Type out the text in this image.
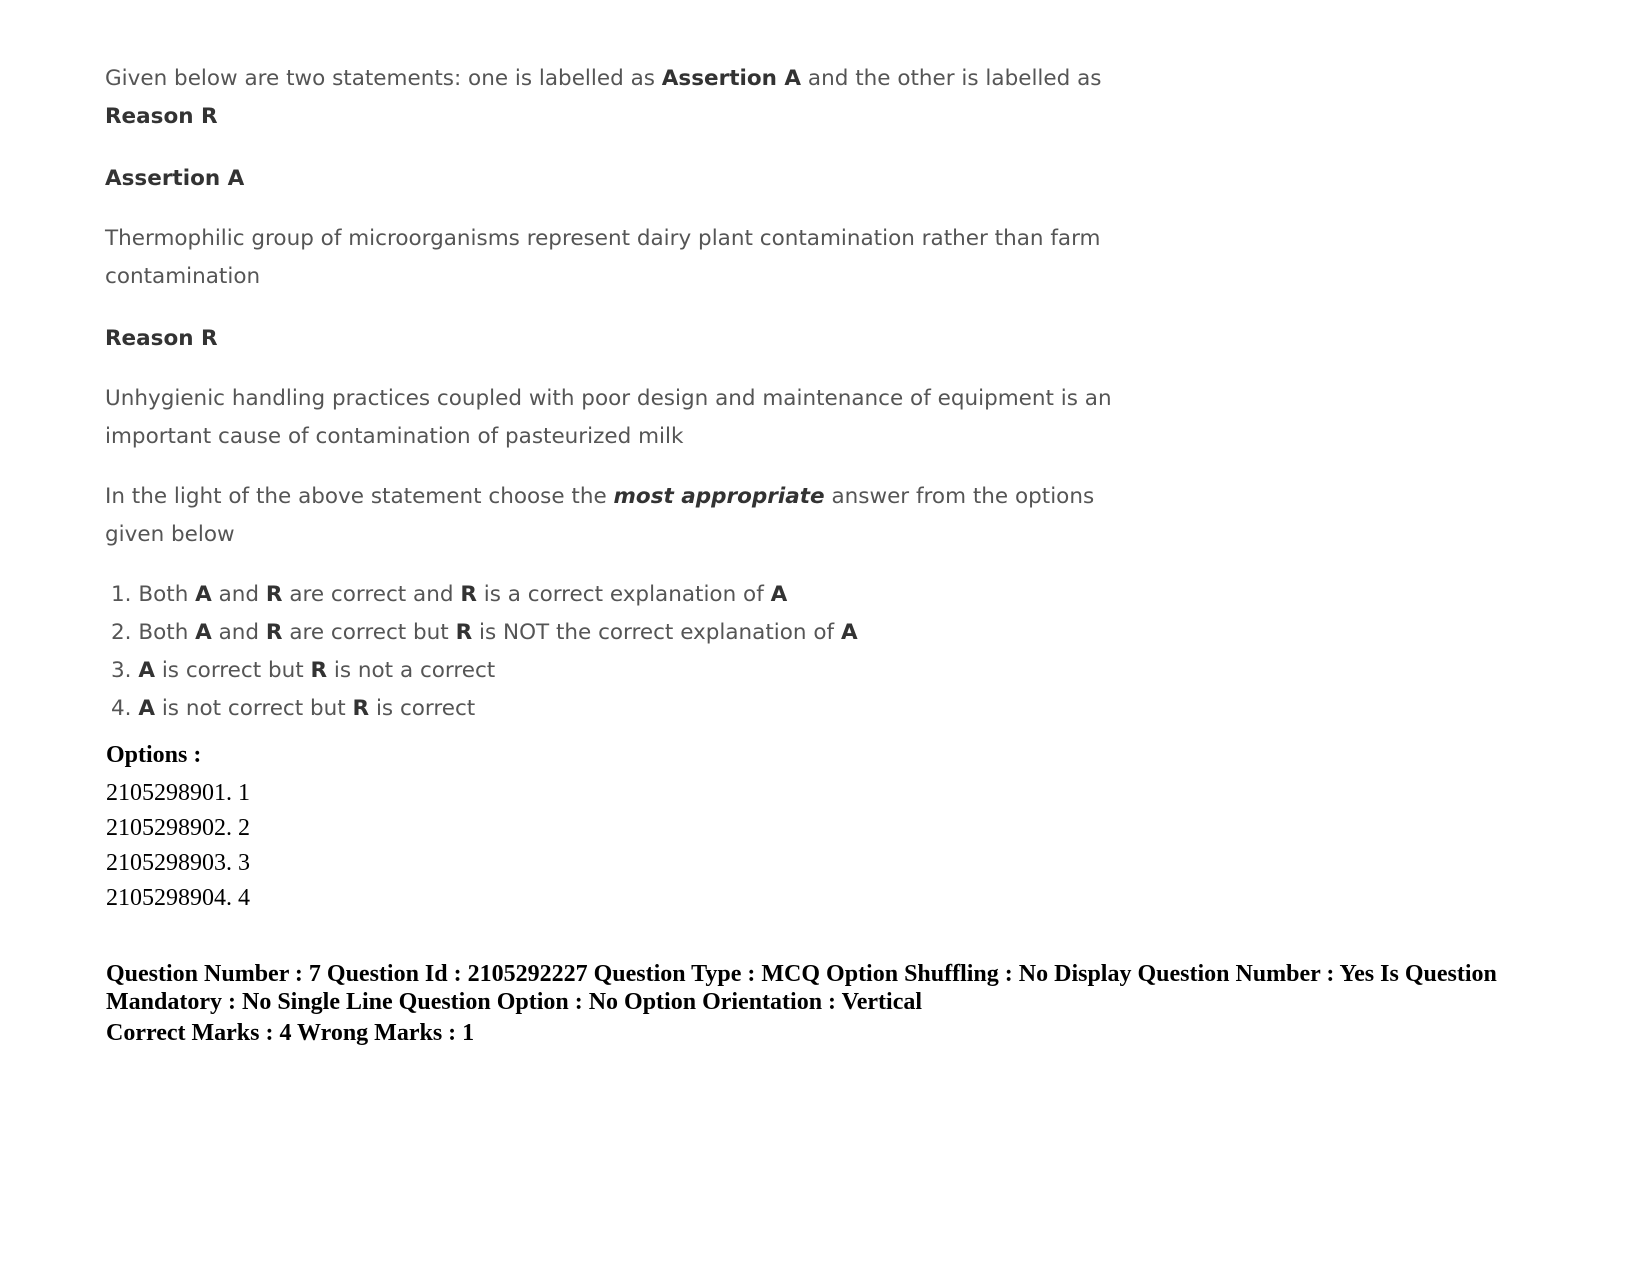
Given below are two statements: one is labelled as Assertion A and the other is labelled as
Reason R

Assertion A

Thermophilic group of microorganisms represent dairy plant contamination rather than farm contamination

Reason R

Unhygienic handling practices coupled with poor design and maintenance of equipment is an important cause of contamination of pasteurized milk

In the light of the above statement choose the most appropriate answer from the options given below

1. Both A and R are correct and R is a correct explanation of A
2. Both A and R are correct but R is NOT the correct explanation of A
3. A is correct but R is not a correct
4. A is not correct but R is correct
Options :
2105298901. 1
2105298902. 2
2105298903. 3
2105298904. 4
Question Number : 7 Question Id : 2105292227 Question Type : MCQ Option Shuffling : No Display Question Number : Yes Is Question Mandatory : No Single Line Question Option : No Option Orientation : Vertical
Correct Marks : 4 Wrong Marks : 1
